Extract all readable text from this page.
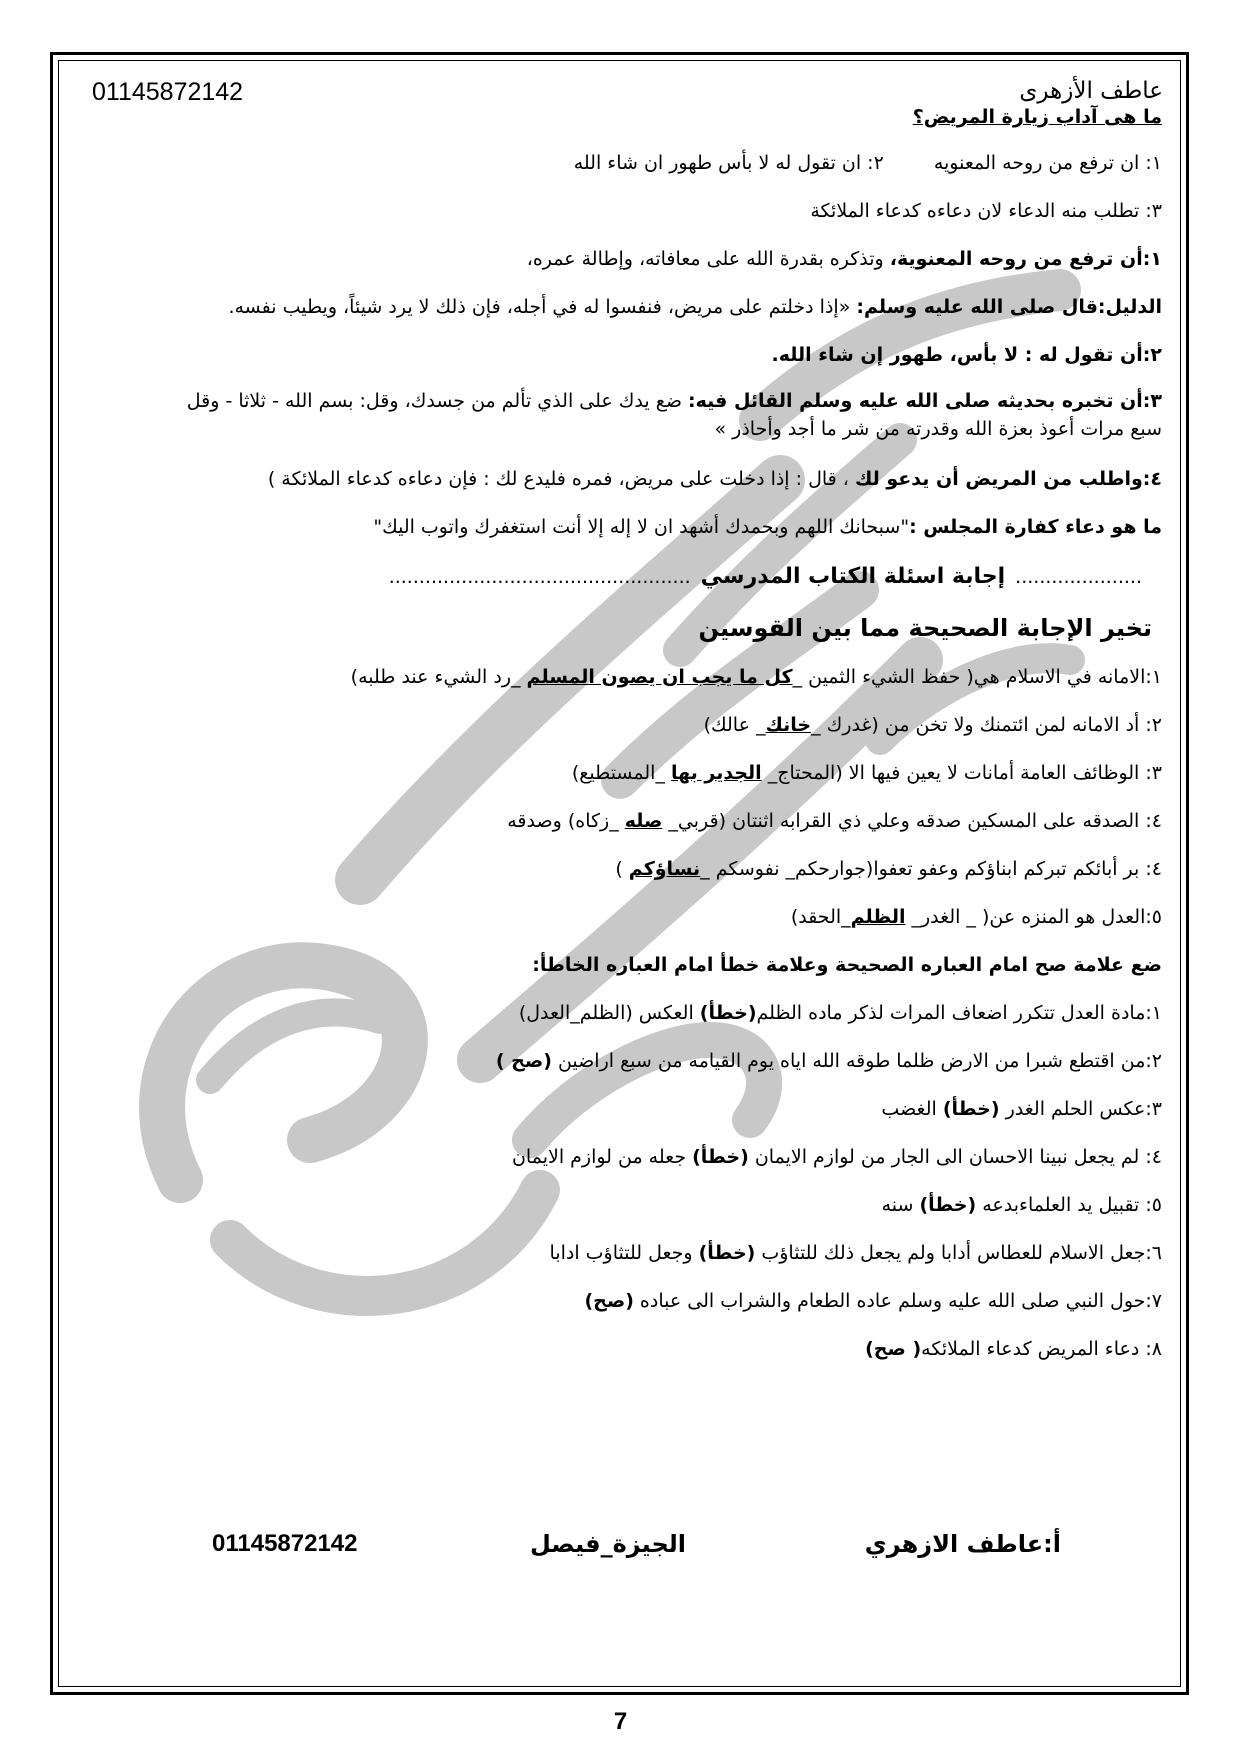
01145872142	عاطف الأزهرى
ما هى آداب زيارة المريض؟
١: ان ترفع من روحه المعنويه٢: ان تقول له لا بأس طهور ان شاء الله
٣: تطلب منه الدعاء لان دعاءه كدعاء الملائكة
١:أن ترفع من روحه المعنوية، وتذكره بقدرة الله على معافاته، وإطالة عمره،
الدليل:قال صلى الله عليه وسلم: «إذا دخلتم على مريض، فنفسوا له في أجله، فإن ذلك لا يرد شيئاً، ويطيب نفسه.
٢:أن تقول له : لا بأس، طهور إن شاء الله.
٣:أن تخبره بحديثه صلى الله عليه وسلم القائل فيه: ضع يدك على الذي تألم من جسدك، وقل: بسم الله - ثلاثا - وقل
سبع مرات أعوذ بعزة الله وقدرته من شر ما أجد وأحاذر »
٤:واطلب من المريض أن يدعو لك ، قال : إذا دخلت على مريض، فمره فليدع لك : فإن دعاءه كدعاء الملائكة )
ما هو دعاء كفارة المجلس :"سبحانك اللهم وبحمدك أشهد ان لا إله إلا أنت استغفرك واتوب اليك"
.....................إجابة اسئلة الكتاب المدرسي..................................................
تخير الإجابة الصحيحة مما بين القوسين
١:الامانه في الاسلام هي( حفظ الشيء الثمين _كل ما يجب ان يصون المسلم _رد الشيء عند طلبه)
٢: أد الامانه لمن ائتمنك ولا تخن من (غدرك _خانك_ عالك)
٣: الوظائف العامة أمانات لا يعين فيها الا (المحتاج_ الجدير بها _المستطيع)
٤: الصدقه على المسكين صدقه وعلي ذي القرابه اثنتان (قربي_ صله _زكاه) وصدقه
٤: بر أبائكم تبركم ابناؤكم وعفو تعفوا(جوارحكم_ نفوسكم _نساؤكم )
٥:العدل هو المنزه عن( _ الغدر_ الظلم_الحقد)
ضع علامة صح امام العباره الصحيحة وعلامة خطأ امام العباره الخاطأ:
١:مادة العدل تتكرر اضعاف المرات لذكر ماده الظلم(خطأ) العكس (الظلم_العدل)
٢:من اقتطع شبرا من الارض ظلما طوقه الله اياه يوم القيامه من سبع اراضين (صح )
٣:عكس الحلم الغدر (خطأ) الغضب
٤: لم يجعل نبينا الاحسان الى الجار من لوازم الايمان (خطأ) جعله من لوازم الايمان
٥: تقبيل يد العلماءبدعه (خطأ) سنه
٦:جعل الاسلام للعطاس أدابا ولم يجعل ذلك للتثاؤب (خطأ) وجعل للتثاؤب ادابا
٧:حول النبي صلى الله عليه وسلم عاده الطعام والشراب الى عباده (صح)
٨: دعاء المريض كدعاء الملائكه( صح)
أ:عاطف الازهري
الجيزة_فيصل
01145872142
7
